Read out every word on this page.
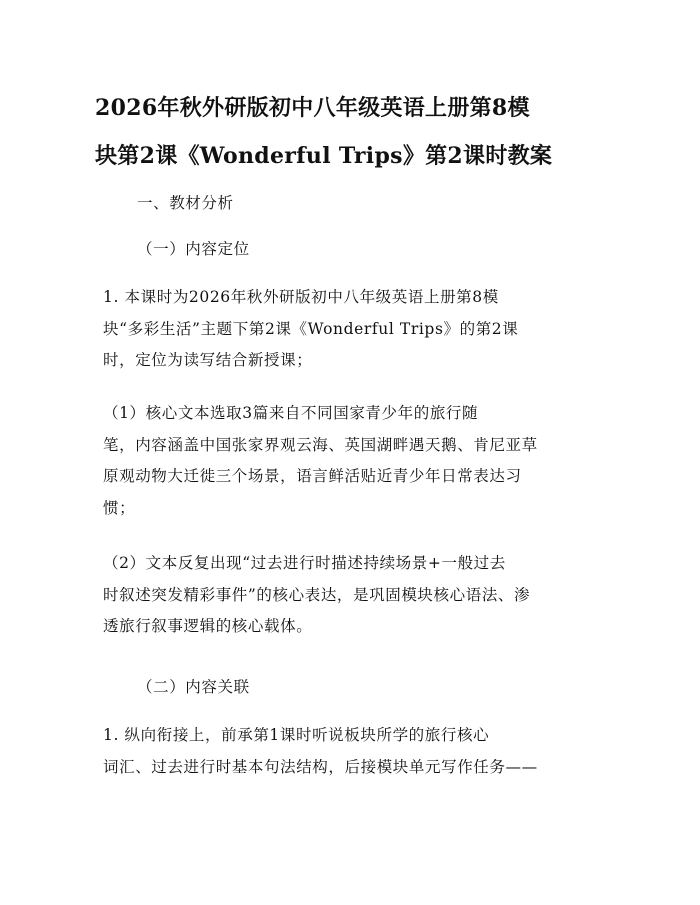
2026年秋外研版初中八年级英语上册第8模
块第2课《Wonderful Trips》第2课时教案

一、教材分析

（一）内容定位

1. 本课时为2026年秋外研版初中八年级英语上册第8模
块“多彩生活”主题下第2课《Wonderful Trips》的第2课
时，定位为读写结合新授课；

（1）核心文本选取3篇来自不同国家青少年的旅行随
笔，内容涵盖中国张家界观云海、英国湖畔遇天鹅、肯尼亚草
原观动物大迁徙三个场景，语言鲜活贴近青少年日常表达习
惯；

（2）文本反复出现“过去进行时描述持续场景+一般过去
时叙述突发精彩事件”的核心表达，是巩固模块核心语法、渗
透旅行叙事逻辑的核心载体。

（二）内容关联

1. 纵向衔接上，前承第1课时听说板块所学的旅行核心
词汇、过去进行时基本句法结构，后接模块单元写作任务——
